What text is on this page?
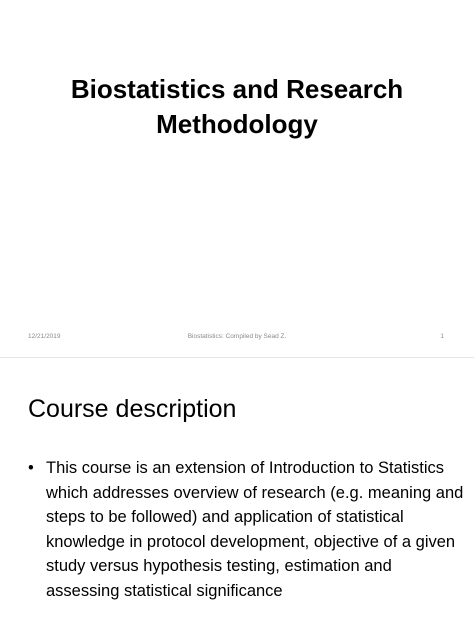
Biostatistics and Research Methodology
12/21/2019	Biostatistics: Compiled by Sead Z.	1
Course description
• This course is an extension of Introduction to Statistics which addresses overview of research (e.g. meaning and steps to be followed) and application of statistical knowledge in protocol development, objective of a given study versus hypothesis testing, estimation and assessing statistical significance
